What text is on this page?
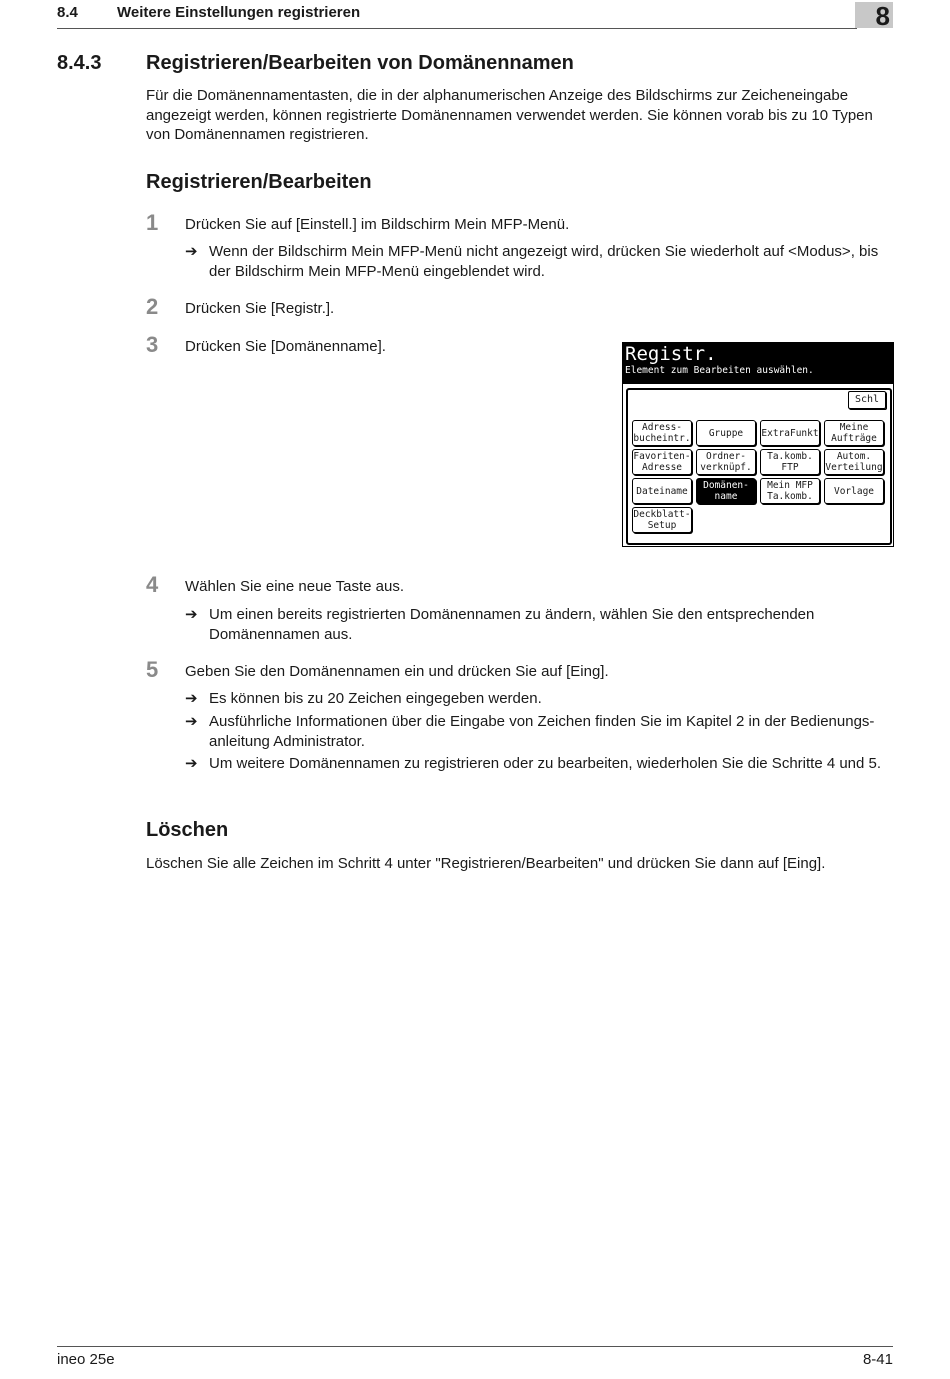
8.4	Weitere Einstellungen registrieren	8
8.4.3 Registrieren/Bearbeiten von Domänennamen
Für die Domänennamentasten, die in der alphanumerischen Anzeige des Bildschirms zur Zeicheneingabe angezeigt werden, können registrierte Domänennamen verwendet werden. Sie können vorab bis zu 10 Typen von Domänennamen registrieren.
Registrieren/Bearbeiten
1 Drücken Sie auf [Einstell.] im Bildschirm Mein MFP-Menü.
➔ Wenn der Bildschirm Mein MFP-Menü nicht angezeigt wird, drücken Sie wiederholt auf <Modus>, bis der Bildschirm Mein MFP-Menü eingeblendet wird.
2 Drücken Sie [Registr.].
3 Drücken Sie [Domänenname].	Registr.
Element zum Bearbeiten auswählen.
Schl
Adress-
bucheintr.	Gruppe	ExtraFunkt	Meine
Aufträge
Favoriten-
Adresse
Ordner-
verknüpf.
Ta.komb.
FTP
Autom.
Verteilung
Dateiname	Domänen-
name
Mein MFP
Ta.komb.	Vorlage
Deckblatt-
Setup
4 Wählen Sie eine neue Taste aus.
➔ Um einen bereits registrierten Domänennamen zu ändern, wählen Sie den entsprechenden Domänennamen aus.
5 Geben Sie den Domänennamen ein und drücken Sie auf [Eing].
➔ Es können bis zu 20 Zeichen eingegeben werden.
➔ Ausführliche Informationen über die Eingabe von Zeichen finden Sie im Kapitel 2 in der Bedienungs-anleitung Administrator.
➔ Um weitere Domänennamen zu registrieren oder zu bearbeiten, wiederholen Sie die Schritte 4 und 5.
Löschen
Löschen Sie alle Zeichen im Schritt 4 unter "Registrieren/Bearbeiten" und drücken Sie dann auf [Eing].
ineo 25e	8-41
